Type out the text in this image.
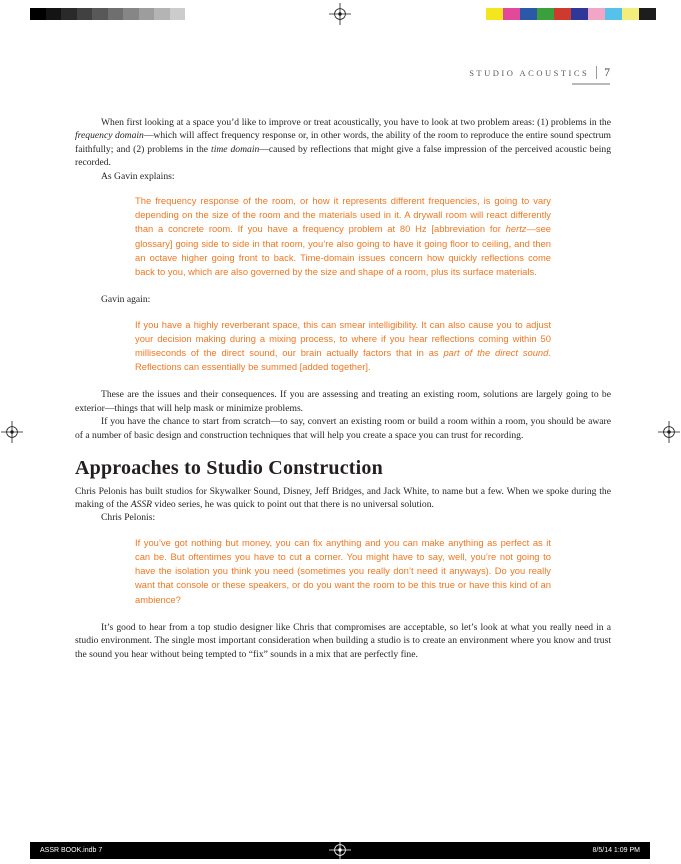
STUDIO ACOUSTICS 7

When first looking at a space you’d like to improve or treat acoustically, you have to look at two problem areas: (1) problems in the frequency domain—which will affect frequency response or, in other words, the ability of the room to reproduce the entire sound spectrum faithfully; and (2) problems in the time domain—caused by reflections that might give a false impression of the perceived acoustic being recorded.

As Gavin explains:

The frequency response of the room, or how it represents different frequencies, is going to vary depending on the size of the room and the materials used in it. A drywall room will react differently than a concrete room. If you have a frequency problem at 80 Hz [abbreviation for hertz—see glossary] going side to side in that room, you’re also going to have it going floor to ceiling, and then an octave higher going front to back. Time-domain issues concern how quickly reflections come back to you, which are also governed by the size and shape of a room, plus its surface materials.

Gavin again:

If you have a highly reverberant space, this can smear intelligibility. It can also cause you to adjust your decision making during a mixing process, to where if you hear reflections coming within 50 milliseconds of the direct sound, our brain actually factors that in as part of the direct sound. Reflections can essentially be summed [added together].

These are the issues and their consequences. If you are assessing and treating an existing room, solutions are largely going to be exterior—things that will help mask or minimize problems.

If you have the chance to start from scratch—to say, convert an existing room or build a room within a room, you should be aware of a number of basic design and construction techniques that will help you create a space you can trust for recording.

Approaches to Studio Construction

Chris Pelonis has built studios for Skywalker Sound, Disney, Jeff Bridges, and Jack White, to name but a few. When we spoke during the making of the ASSR video series, he was quick to point out that there is no universal solution.

Chris Pelonis:

If you’ve got nothing but money, you can fix anything and you can make anything as perfect as it can be. But oftentimes you have to cut a corner. You might have to say, well, you’re not going to have the isolation you think you need (sometimes you really don’t need it anyways). Do you really want that console or these speakers, or do you want the room to be this true or have this kind of an ambience?

It’s good to hear from a top studio designer like Chris that compromises are acceptable, so let’s look at what you really need in a studio environment. The single most important consideration when building a studio is to create an environment where you know and trust the sound you hear without being tempted to “fix” sounds in a mix that are perfectly fine.

ASSR BOOK.indb 7	8/5/14 1:09 PM
